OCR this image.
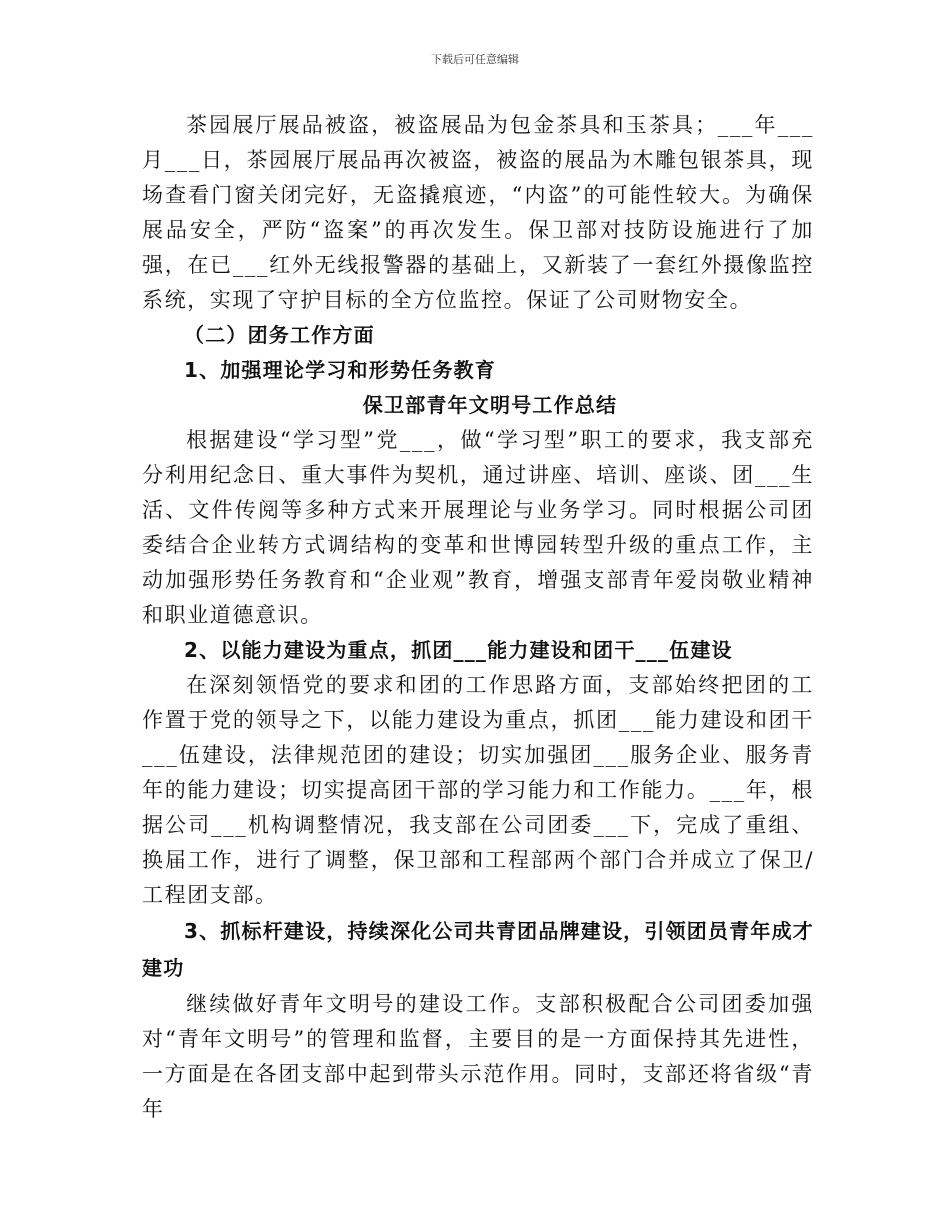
下载后可任意编辑

茶园展厅展品被盗，被盗展品为包金茶具和玉茶具；___年___月___日，茶园展厅展品再次被盗，被盗的展品为木雕包银茶具，现场查看门窗关闭完好，无盗撬痕迹，“内盗”的可能性较大。为确保展品安全，严防“盗案”的再次发生。保卫部对技防设施进行了加强，在已___红外无线报警器的基础上，又新装了一套红外摄像监控系统，实现了守护目标的全方位监控。保证了公司财物安全。

（二）团务工作方面

1、加强理论学习和形势任务教育

保卫部青年文明号工作总结

根据建设“学习型”党___，做“学习型”职工的要求，我支部充分利用纪念日、重大事件为契机，通过讲座、培训、座谈、团___生活、文件传阅等多种方式来开展理论与业务学习。同时根据公司团委结合企业转方式调结构的变革和世博园转型升级的重点工作，主动加强形势任务教育和“企业观”教育，增强支部青年爱岗敬业精神和职业道德意识。

2、以能力建设为重点，抓团___能力建设和团干___伍建设

在深刻领悟党的要求和团的工作思路方面，支部始终把团的工作置于党的领导之下，以能力建设为重点，抓团___能力建设和团干___伍建设，法律规范团的建设；切实加强团___服务企业、服务青年的能力建设；切实提高团干部的学习能力和工作能力。___年，根据公司___机构调整情况，我支部在公司团委___下，完成了重组、换届工作，进行了调整，保卫部和工程部两个部门合并成立了保卫/工程团支部。

3、抓标杆建设，持续深化公司共青团品牌建设，引领团员青年成才建功

继续做好青年文明号的建设工作。支部积极配合公司团委加强对“青年文明号”的管理和监督，主要目的是一方面保持其先进性，一方面是在各团支部中起到带头示范作用。同时，支部还将省级“青年
